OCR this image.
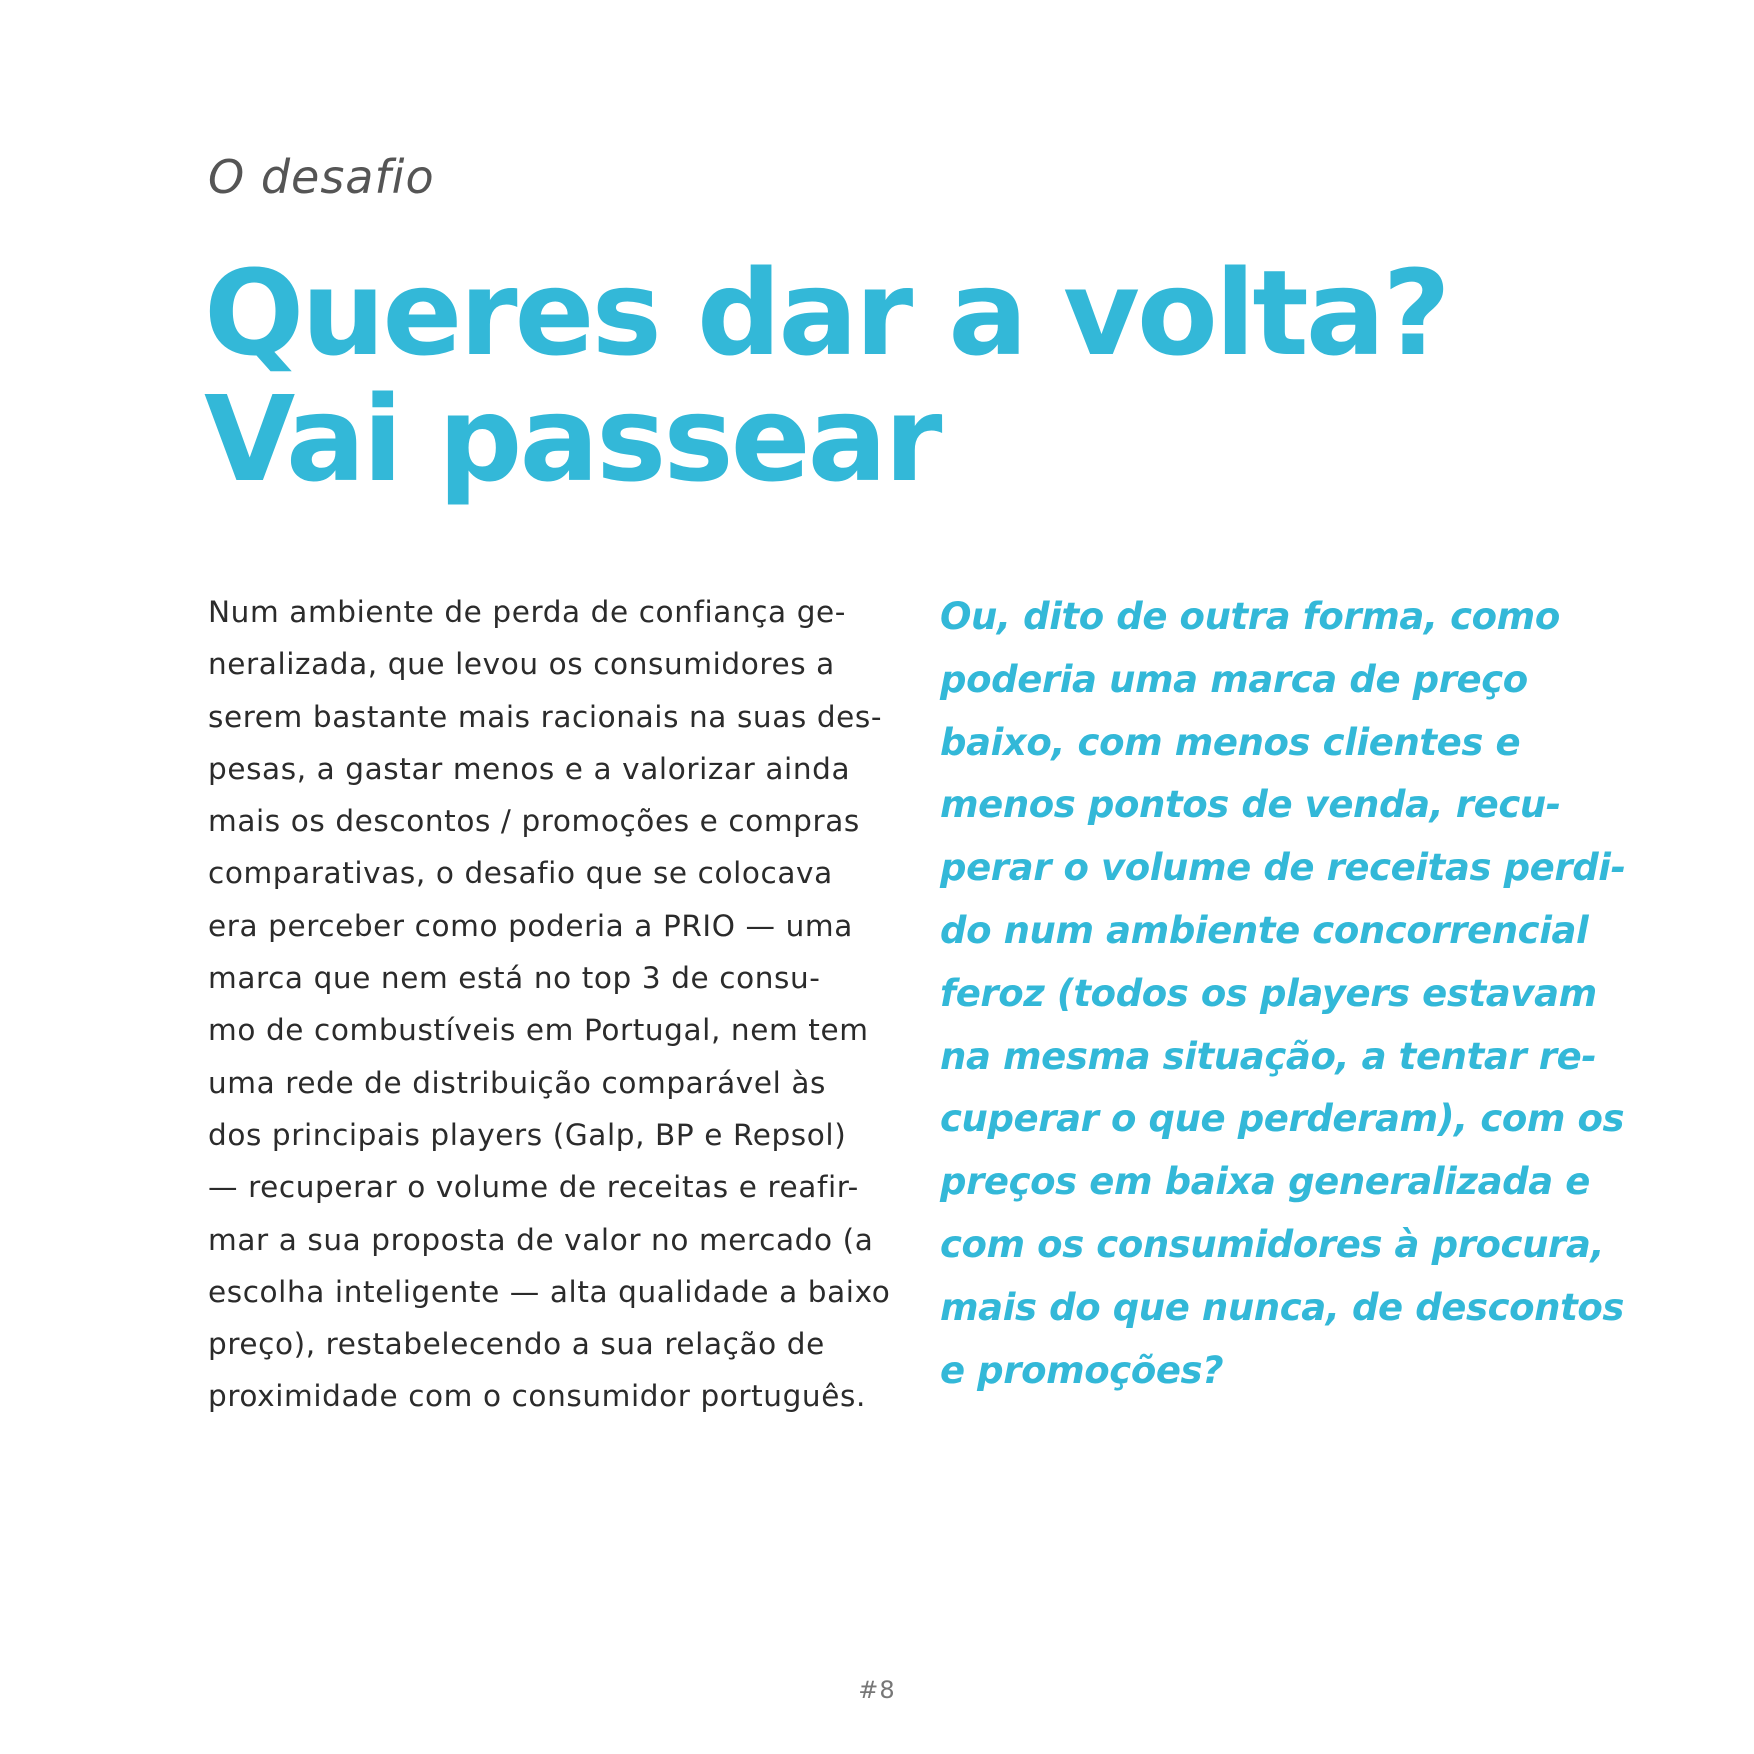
O desafio

Queres dar a volta?
Vai passear
Num ambiente de perda de confiança ge-
neralizada, que levou os consumidores a
serem bastante mais racionais na suas des-
pesas, a gastar menos e a valorizar ainda
mais os descontos / promoções e compras
comparativas, o desafio que se colocava
era perceber como poderia a PRIO — uma
marca que nem está no top 3 de consu-
mo de combustíveis em Portugal, nem tem
uma rede de distribuição comparável às
dos principais players (Galp, BP e Repsol)
— recuperar o volume de receitas e reafir-
mar a sua proposta de valor no mercado (a
escolha inteligente — alta qualidade a baixo
preço), restabelecendo a sua relação de
proximidade com o consumidor português.
Ou, dito de outra forma, como
poderia uma marca de preço
baixo, com menos clientes e
menos pontos de venda, recu-
perar o volume de receitas perdi-
do num ambiente concorrencial
feroz (todos os players estavam
na mesma situação, a tentar re-
cuperar o que perderam), com os
preços em baixa generalizada e
com os consumidores à procura,
mais do que nunca, de descontos
e promoções?
#8
